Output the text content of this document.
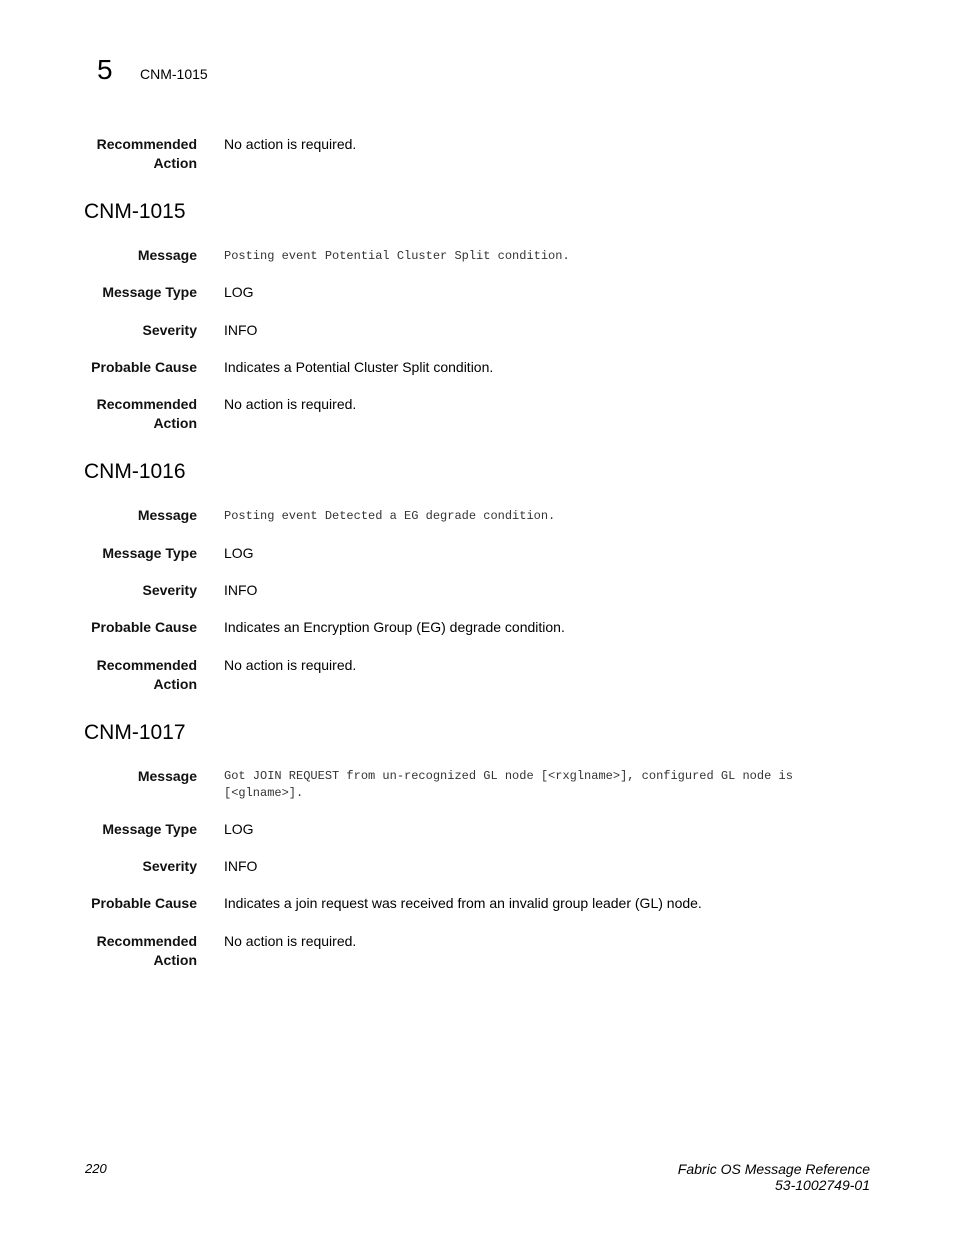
5 CNM-1015
Recommended
Action
No action is required.
CNM-1015
Message Posting event Potential Cluster Split condition.
Message Type LOG
Severity INFO
Probable Cause Indicates a Potential Cluster Split condition.
Recommended
Action
No action is required.
CNM-1016
Message Posting event Detected a EG degrade condition.
Message Type LOG
Severity INFO
Probable Cause Indicates an Encryption Group (EG) degrade condition.
Recommended
Action
No action is required.
CNM-1017
Message Got JOIN REQUEST from un-recognized GL node [<rxglname>], configured GL node is
[<glname>].
Message Type LOG
Severity INFO
Probable Cause Indicates a join request was received from an invalid group leader (GL) node.
Recommended
Action
No action is required.
220	Fabric OS Message Reference
53-1002749-01
